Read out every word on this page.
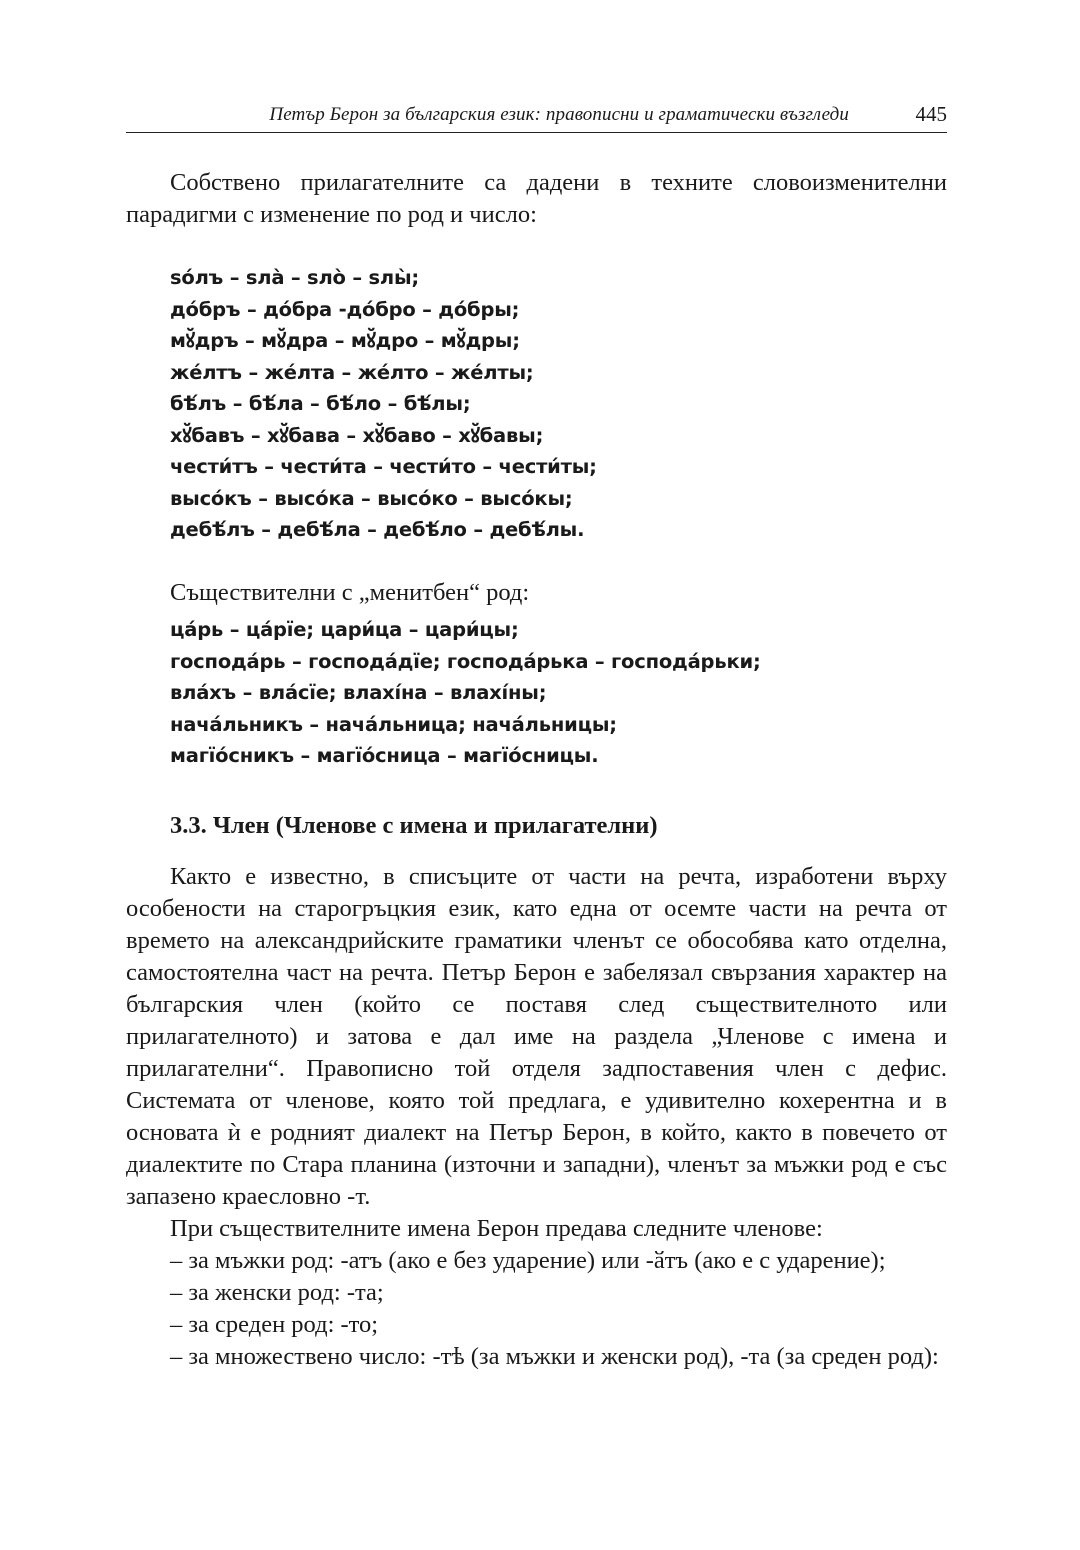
Петър Берон за българския език: правописни и граматически възгледи	445

Собствено прилагателните са дадени в техните словоизменителни парадигми с изменение по род и число:

ѕо́лъ – ѕла̀ – ѕло̀ – ѕлы̀;
до́бръ – до́бра -до́бро – до́бры;
мꙋ̆дръ – мꙋ̆дра – мꙋ̆дро – мꙋ̆дры;
же́лтъ – же́лта – же́лто – же́лты;
бѣ́лъ – бѣ́ла – бѣ́ло – бѣ́лы;
хꙋ̆бавъ – хꙋ̆бава – хꙋ̆баво – хꙋ̆бавы;
чести́тъ – чести́та – чести́то – чести́ты;
высо́къ – высо́ка – высо́ко – высо́кы;
дебѣ́лъ – дебѣ́ла – дебѣ́ло – дебѣ́лы.
Съществителни с „менитбен“ род:
ца́рь – ца́рїе; цари́ца – цари́цы;
господа́рь – господа́дїе; господа́рька – господа́рьки;
вла́хъ – вла́сїе; влахі́на – влахі́ны;
нача́льникъ – нача́льница; нача́льницы;
магїо́сникъ – магїо́сница – магїо́сницы.
3.3. Член (Членове с имена и прилагателни)

Както е известно, в списъците от части на речта, изработени върху особености на старогръцкия език, като една от осемте части на речта от времето на александрийските граматики членът се обособява като отделна, самостоятелна част на речта. Петър Берон е забелязал свързания характер на българския член (който се поставя след съществителното или прилагателното) и затова е дал име на раздела „Членове с имена и прилагателни“. Правописно той отделя задпоставения член с дефис. Системата от членове, която той предлага, е удивително кохерентна и в основата ѝ е родният диалект на Петър Берон, в който, както в повечето от диалектите по Стара планина (източни и западни), членът за мъжки род е със запазено краесловно -т.

При съществителните имена Берон предава следните членове:
– за мъжки род: -атъ (ако е без ударение) или -ӑтъ (ако е с ударение);
– за женски род: -та;
– за среден род: -то;

– за множествено число: -тѣ (за мъжки и женски род), -та (за среден род):
